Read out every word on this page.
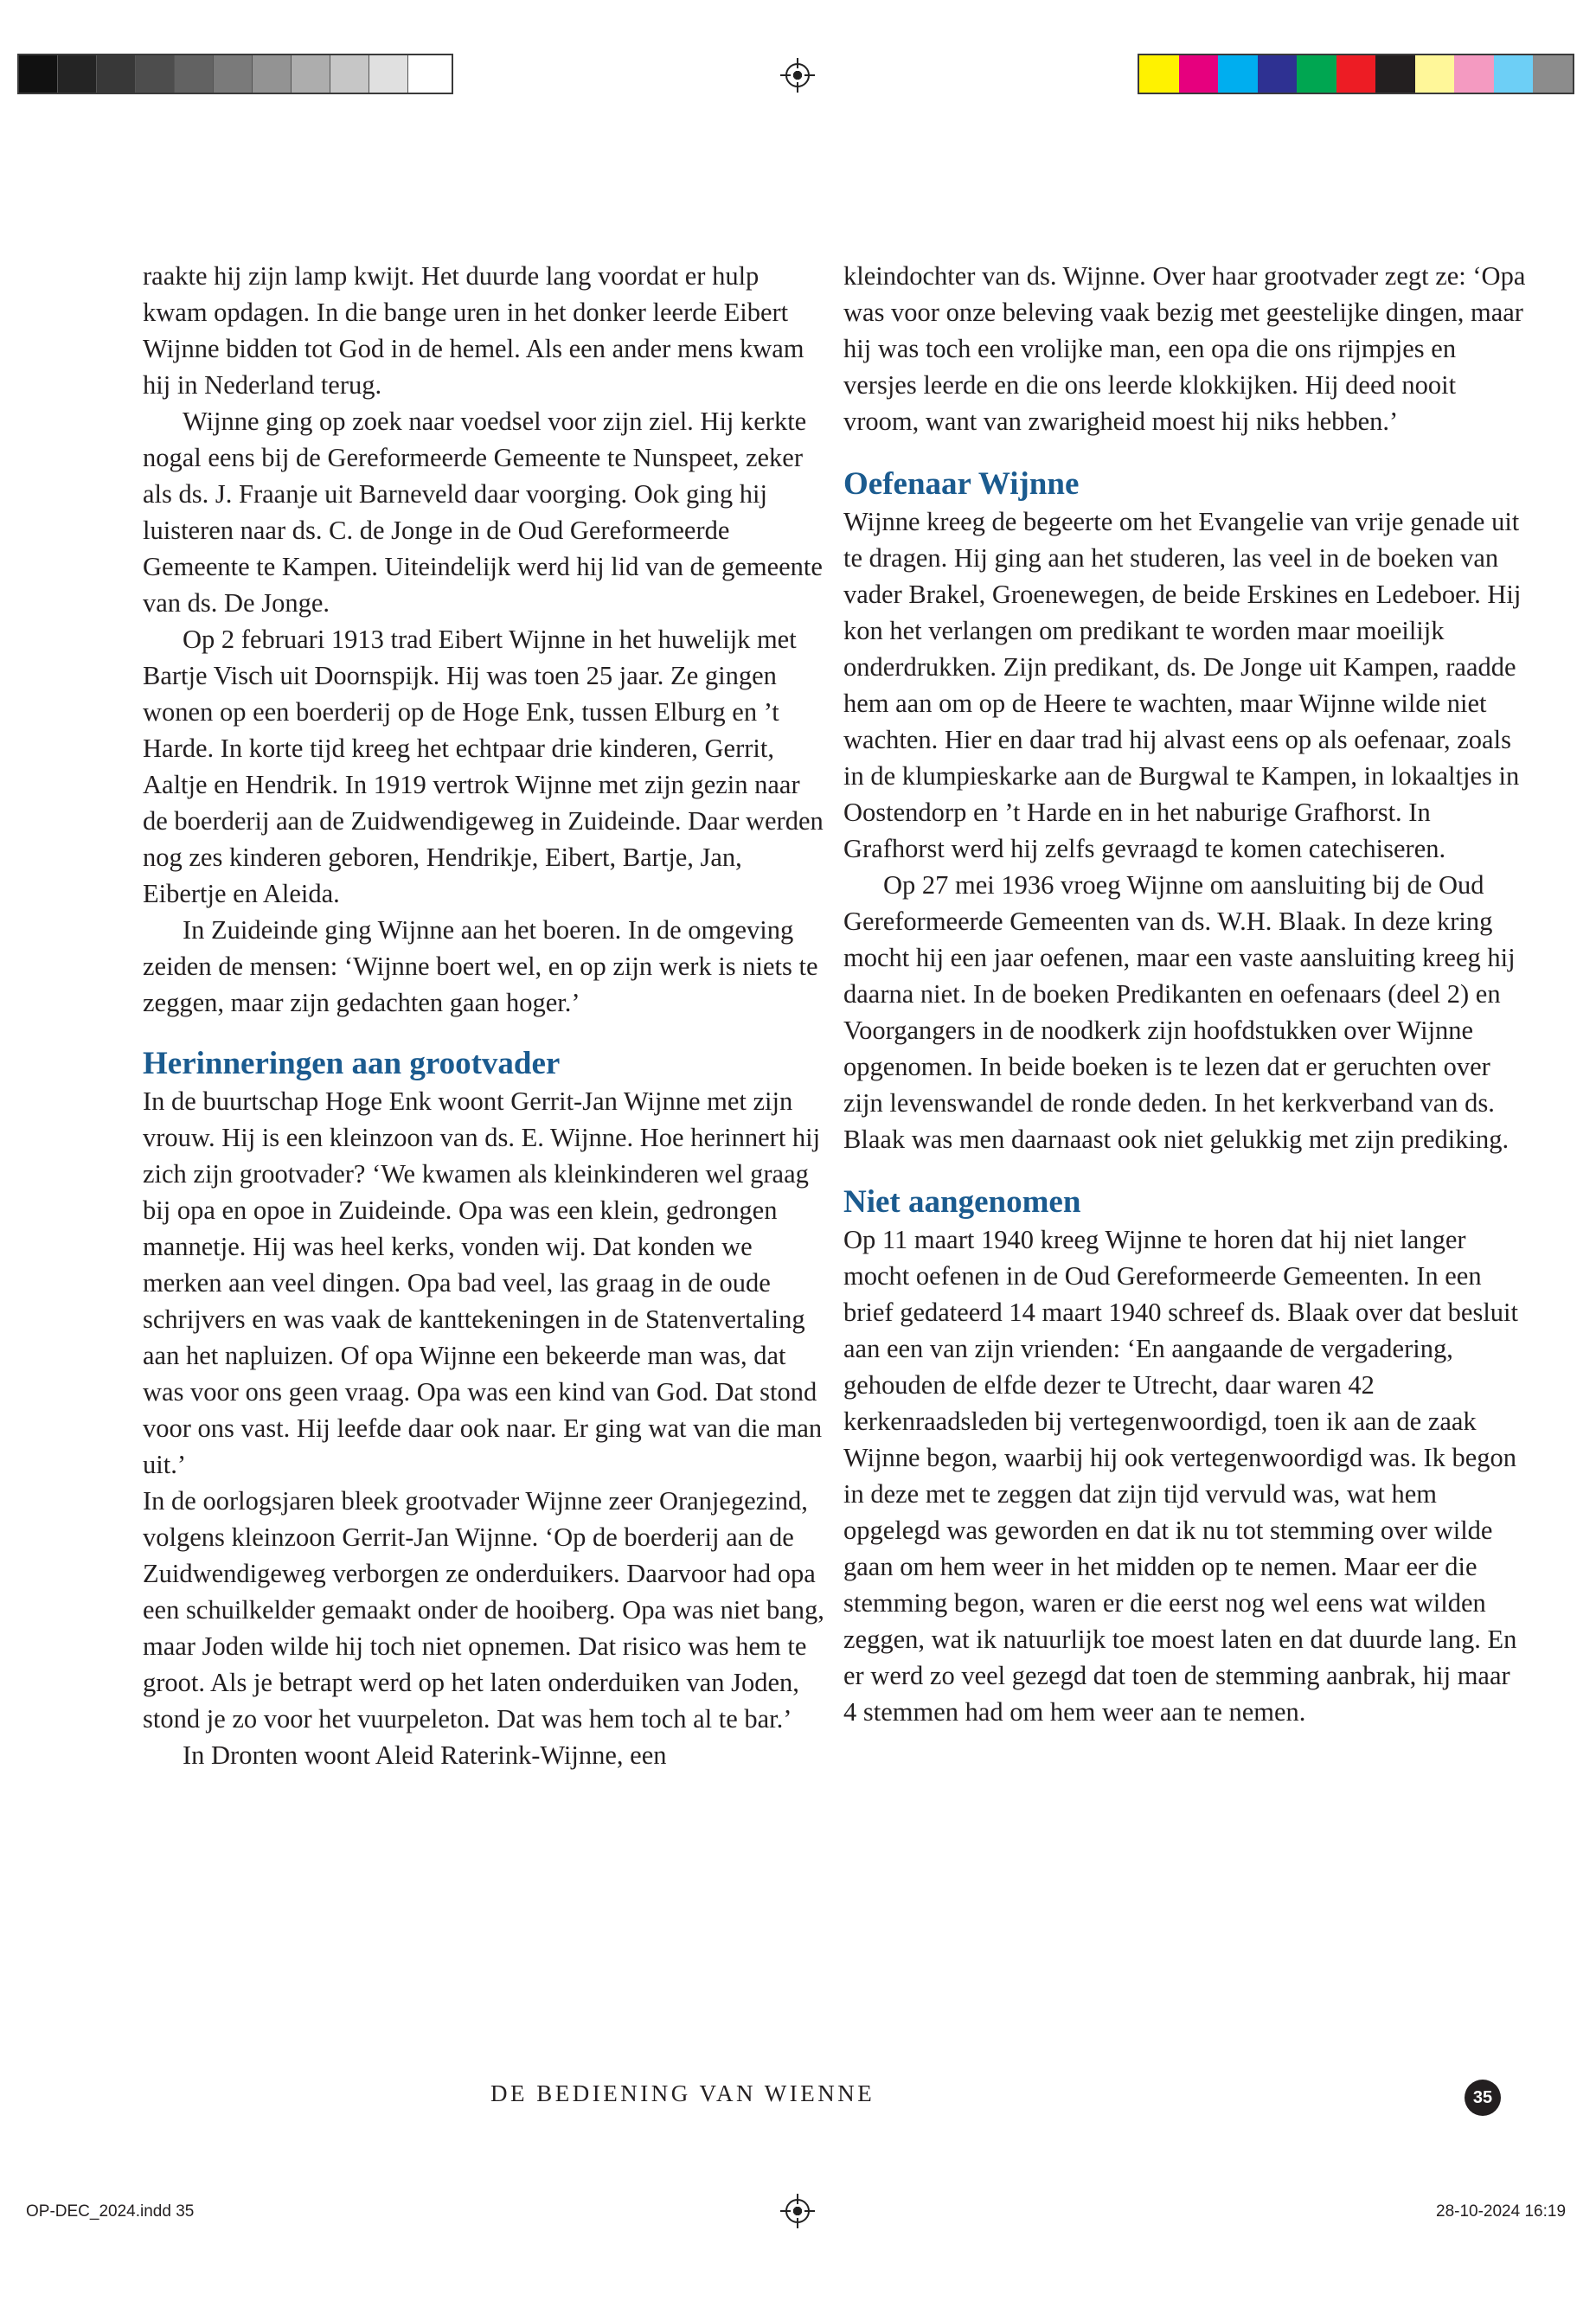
raakte hij zijn lamp kwijt. Het duurde lang voordat er hulp kwam opdagen. In die bange uren in het donker leerde Eibert Wijnne bidden tot God in de hemel. Als een ander mens kwam hij in Nederland terug.

Wijnne ging op zoek naar voedsel voor zijn ziel. Hij kerkte nogal eens bij de Gereformeerde Gemeente te Nunspeet, zeker als ds. J. Fraanje uit Barneveld daar voorging. Ook ging hij luisteren naar ds. C. de Jonge in de Oud Gereformeerde Gemeente te Kampen. Uiteindelijk werd hij lid van de gemeente van ds. De Jonge.

Op 2 februari 1913 trad Eibert Wijnne in het huwelijk met Bartje Visch uit Doornspijk. Hij was toen 25 jaar. Ze gingen wonen op een boerderij op de Hoge Enk, tussen Elburg en ’t Harde. In korte tijd kreeg het echtpaar drie kinderen, Gerrit, Aaltje en Hendrik. In 1919 vertrok Wijnne met zijn gezin naar de boerderij aan de Zuidwendigeweg in Zuideinde. Daar werden nog zes kinderen geboren, Hendrikje, Eibert, Bartje, Jan, Eibertje en Aleida.

In Zuideinde ging Wijnne aan het boeren. In de omgeving zeiden de mensen: ‘Wijnne boert wel, en op zijn werk is niets te zeggen, maar zijn gedachten gaan hoger.’

Herinneringen aan grootvader

In de buurtschap Hoge Enk woont Gerrit-Jan Wijnne met zijn vrouw. Hij is een kleinzoon van ds. E. Wijnne. Hoe herinnert hij zich zijn grootvader? ‘We kwamen als kleinkinderen wel graag bij opa en opoe in Zuideinde. Opa was een klein, gedrongen mannetje. Hij was heel kerks, vonden wij. Dat konden we merken aan veel dingen. Opa bad veel, las graag in de oude schrijvers en was vaak de kanttekeningen in de Statenvertaling aan het napluizen. Of opa Wijnne een bekeerde man was, dat was voor ons geen vraag. Opa was een kind van God. Dat stond voor ons vast. Hij leefde daar ook naar. Er ging wat van die man uit.’

In de oorlogsjaren bleek grootvader Wijnne zeer Oranjegezind, volgens kleinzoon Gerrit-Jan Wijnne. ‘Op de boerderij aan de Zuidwendigeweg verborgen ze onderduikers. Daarvoor had opa een schuilkelder gemaakt onder de hooiberg. Opa was niet bang, maar Joden wilde hij toch niet opnemen. Dat risico was hem te groot. Als je betrapt werd op het laten onderduiken van Joden, stond je zo voor het vuurpeleton. Dat was hem toch al te bar.’

In Dronten woont Aleid Raterink-Wijnne, een

kleindochter van ds. Wijnne. Over haar grootvader zegt ze: ‘Opa was voor onze beleving vaak bezig met geestelijke dingen, maar hij was toch een vrolijke man, een opa die ons rijmpjes en versjes leerde en die ons leerde klokkijken. Hij deed nooit vroom, want van zwarigheid moest hij niks hebben.’

Oefenaar Wijnne

Wijnne kreeg de begeerte om het Evangelie van vrije genade uit te dragen. Hij ging aan het studeren, las veel in de boeken van vader Brakel, Groenewegen, de beide Erskines en Ledeboer. Hij kon het verlangen om predikant te worden maar moeilijk onderdrukken. Zijn predikant, ds. De Jonge uit Kampen, raadde hem aan om op de Heere te wachten, maar Wijnne wilde niet wachten. Hier en daar trad hij alvast eens op als oefenaar, zoals in de klumpieskarke aan de Burgwal te Kampen, in lokaaltjes in Oostendorp en ’t Harde en in het naburige Grafhorst. In Grafhorst werd hij zelfs gevraagd te komen catechiseren.

Op 27 mei 1936 vroeg Wijnne om aansluiting bij de Oud Gereformeerde Gemeenten van ds. W.H. Blaak. In deze kring mocht hij een jaar oefenen, maar een vaste aansluiting kreeg hij daarna niet. In de boeken Predikanten en oefenaars (deel 2) en Voorgangers in de noodkerk zijn hoofdstukken over Wijnne opgenomen. In beide boeken is te lezen dat er geruchten over zijn levenswandel de ronde deden. In het kerkverband van ds. Blaak was men daarnaast ook niet gelukkig met zijn prediking.

Niet aangenomen

Op 11 maart 1940 kreeg Wijnne te horen dat hij niet langer mocht oefenen in de Oud Gereformeerde Gemeenten. In een brief gedateerd 14 maart 1940 schreef ds. Blaak over dat besluit aan een van zijn vrienden: ‘En aangaande de vergadering, gehouden de elfde dezer te Utrecht, daar waren 42 kerkenraadsleden bij vertegenwoordigd, toen ik aan de zaak Wijnne begon, waarbij hij ook vertegenwoordigd was. Ik begon in deze met te zeggen dat zijn tijd vervuld was, wat hem opgelegd was geworden en dat ik nu tot stemming over wilde gaan om hem weer in het midden op te nemen. Maar eer die stemming begon, waren er die eerst nog wel eens wat wilden zeggen, wat ik natuurlijk toe moest laten en dat duurde lang. En er werd zo veel gezegd dat toen de stemming aanbrak, hij maar 4 stemmen had om hem weer aan te nemen.

DE BEDIENING VAN WIENNE	35
OP-DEC_2024.indd 35	28-10-2024 16:19
